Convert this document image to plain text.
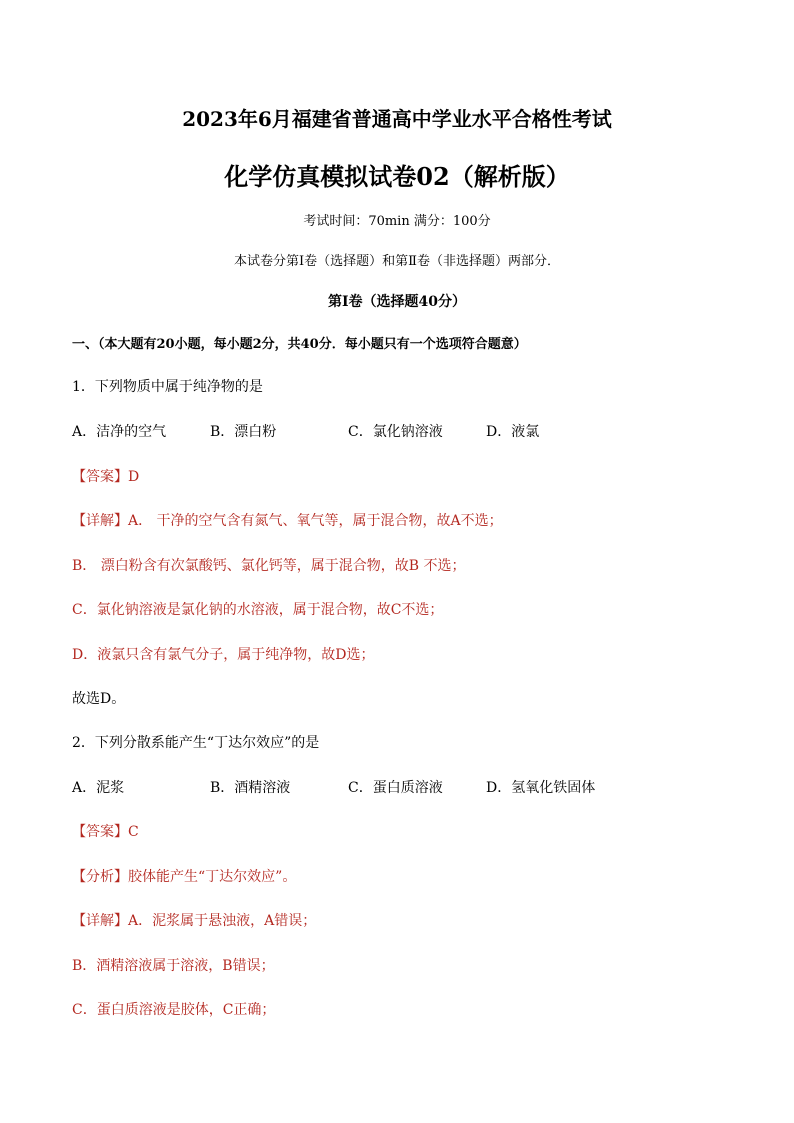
2023年6月福建省普通高中学业水平合格性考试
化学仿真模拟试卷02（解析版）
考试时间：70min 满分：100分
本试卷分第Ⅰ卷（选择题）和第Ⅱ卷（非选择题）两部分．
第Ⅰ卷（选择题40分）
一、（本大题有20小题，每小题2分，共40分．每小题只有一个选项符合题意）
1．下列物质中属于纯净物的是
A．洁净的空气	B．漂白粉	C．氯化钠溶液	D．液氯
【答案】D
【详解】A． 干净的空气含有氮气、氧气等，属于混合物，故A不选；
B． 漂白粉含有次氯酸钙、氯化钙等，属于混合物，故B 不选；
C．氯化钠溶液是氯化钠的水溶液，属于混合物，故C不选；
D．液氯只含有氯气分子，属于纯净物，故D选；
故选D。
2．下列分散系能产生“丁达尔效应”的是
A．泥浆	B．酒精溶液	C．蛋白质溶液	D．氢氧化铁固体
【答案】C
【分析】胶体能产生“丁达尔效应”。
【详解】A．泥浆属于悬浊液，A错误；
B．酒精溶液属于溶液，B错误；
C．蛋白质溶液是胶体，C正确；
